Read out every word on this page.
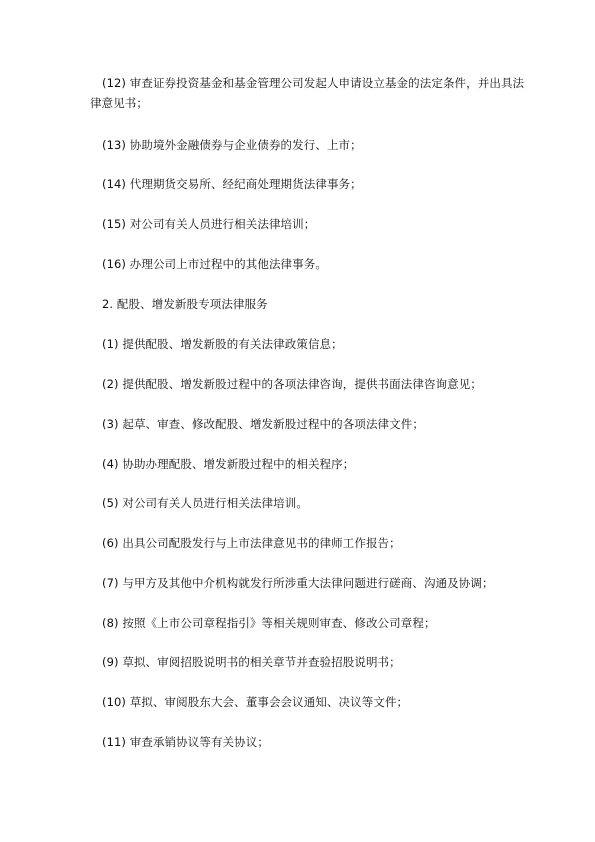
(12) 审查证券投资基金和基金管理公司发起人申请设立基金的法定条件，并出具法律意见书；
(13) 协助境外金融债券与企业债券的发行、上市；
(14) 代理期货交易所、经纪商处理期货法律事务；
(15) 对公司有关人员进行相关法律培训；
(16) 办理公司上市过程中的其他法律事务。
2. 配股、增发新股专项法律服务
(1) 提供配股、增发新股的有关法律政策信息；
(2) 提供配股、增发新股过程中的各项法律咨询，提供书面法律咨询意见；
(3) 起草、审查、修改配股、增发新股过程中的各项法律文件；
(4) 协助办理配股、增发新股过程中的相关程序；
(5) 对公司有关人员进行相关法律培训。
(6) 出具公司配股发行与上市法律意见书的律师工作报告；
(7) 与甲方及其他中介机构就发行所涉重大法律问题进行磋商、沟通及协调；
(8) 按照《上市公司章程指引》等相关规则审查、修改公司章程；
(9) 草拟、审阅招股说明书的相关章节并查验招股说明书；
(10) 草拟、审阅股东大会、董事会会议通知、决议等文件；
(11) 审查承销协议等有关协议；
